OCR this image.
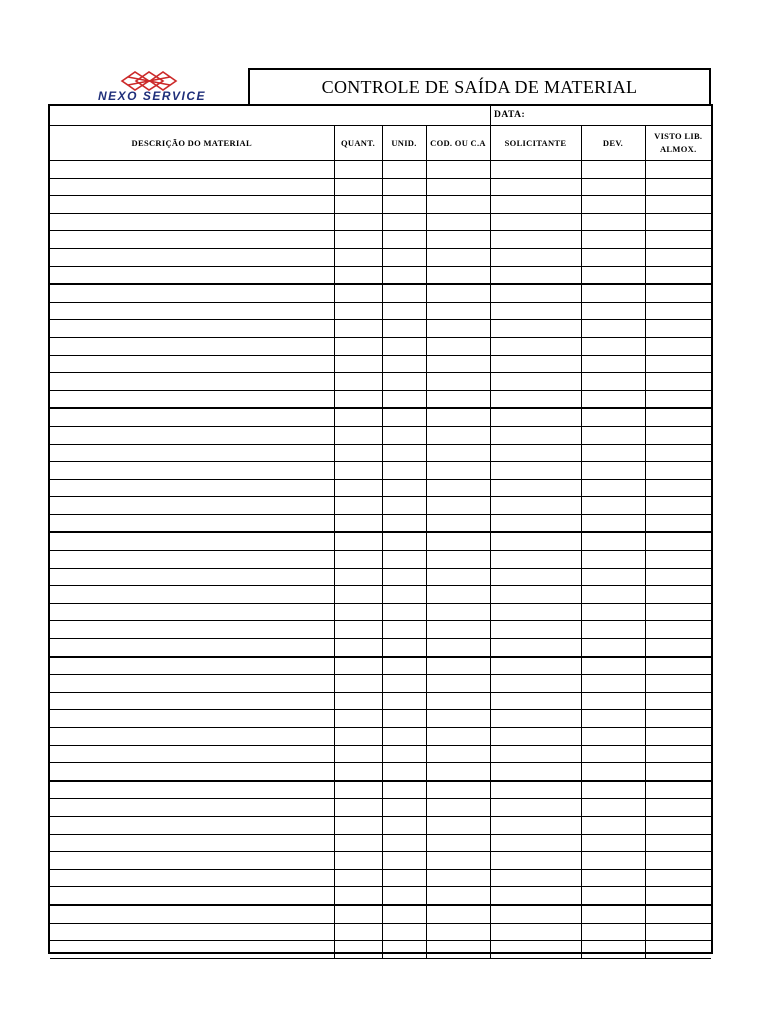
NEXO SERVICE	CONTROLE DE SAÍDA DE MATERIAL
DATA:
DESCRIÇÃO DO MATERIAL	QUANT.	UNID.	COD. OU C.A	SOLICITANTE	DEV.	VISTO LIB. ALMOX.
